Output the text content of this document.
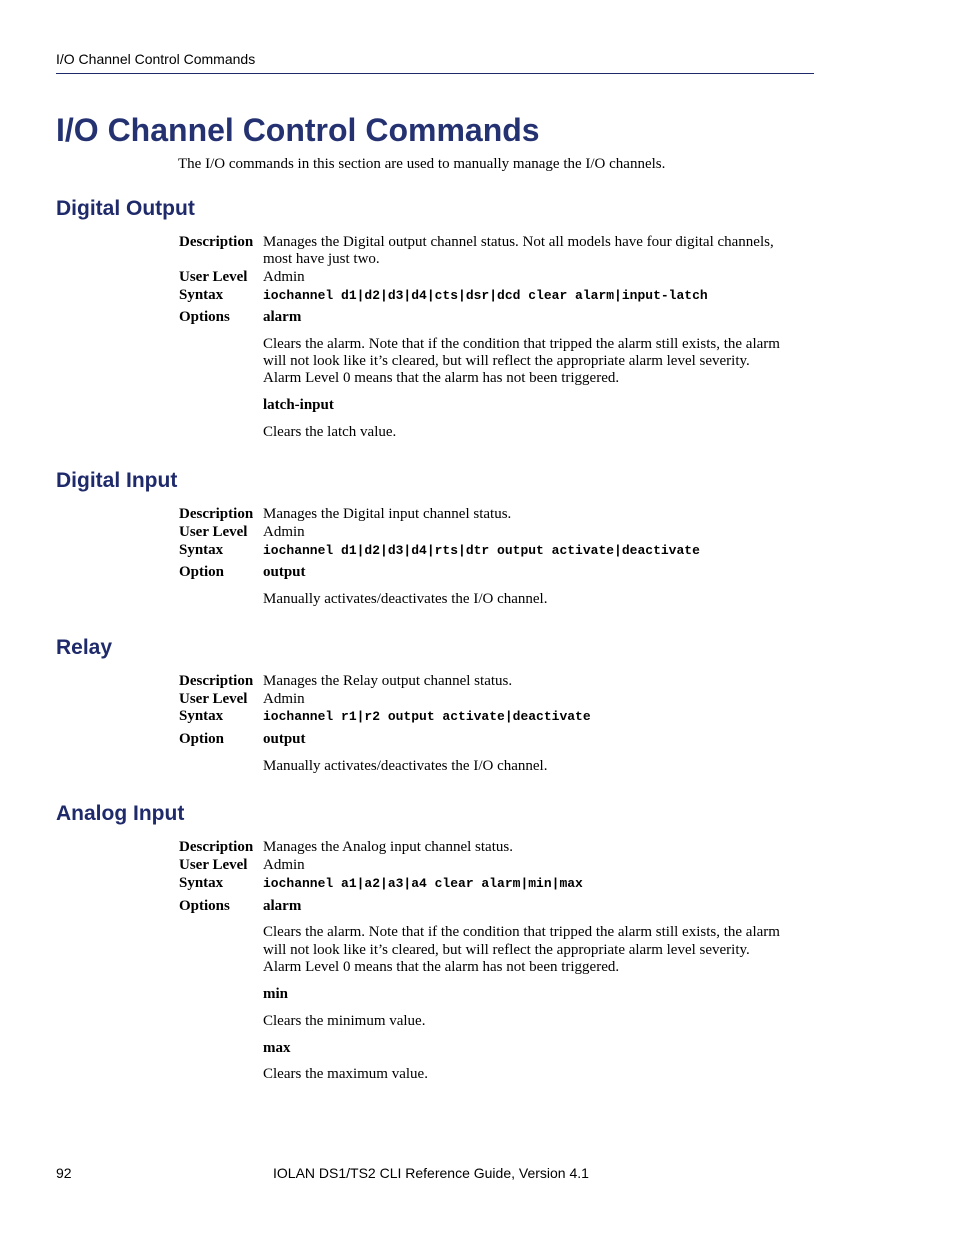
I/O Channel Control Commands
I/O Channel Control Commands
The I/O commands in this section are used to manually manage the I/O channels.
Digital Output
Description Manages the Digital output channel status. Not all models have four digital channels,
most have just two.
User Level Admin
Syntax	iochannel d1|d2|d3|d4|cts|dsr|dcd clear alarm|input-latch
Options alarm
Clears the alarm. Note that if the condition that tripped the alarm still exists, the alarm
will not look like it’s cleared, but will reflect the appropriate alarm level severity.
Alarm Level 0 means that the alarm has not been triggered.
latch-input
Clears the latch value.
Digital Input
Description Manages the Digital input channel status.
User Level Admin
Syntax	iochannel d1|d2|d3|d4|rts|dtr output activate|deactivate
Option	output
Manually activates/deactivates the I/O channel.
Relay
Description Manages the Relay output channel status.
User Level Admin
Syntax	iochannel r1|r2 output activate|deactivate
Option	output
Manually activates/deactivates the I/O channel.
Analog Input
Description Manages the Analog input channel status.
User Level Admin
Syntax	iochannel a1|a2|a3|a4 clear alarm|min|max
Options alarm
Clears the alarm. Note that if the condition that tripped the alarm still exists, the alarm
will not look like it’s cleared, but will reflect the appropriate alarm level severity.
Alarm Level 0 means that the alarm has not been triggered.
min
Clears the minimum value.
max
Clears the maximum value.
92	IOLAN DS1/TS2 CLI Reference Guide, Version 4.1
